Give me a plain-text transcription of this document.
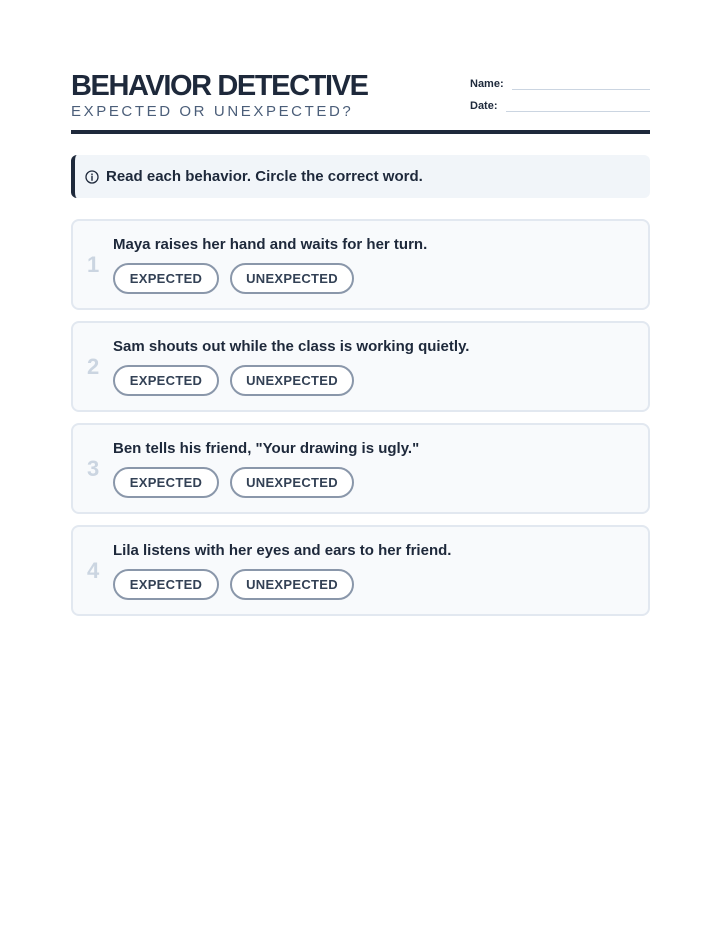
BEHAVIOR DETECTIVE
EXPECTED OR UNEXPECTED?
Name:
Date:
Read each behavior. Circle the correct word.
1
Maya raises her hand and waits for her turn.
EXPECTED	UNEXPECTED
2
Sam shouts out while the class is working quietly.
EXPECTED	UNEXPECTED
3
Ben tells his friend, "Your drawing is ugly."
EXPECTED	UNEXPECTED
4
Lila listens with her eyes and ears to her friend.
EXPECTED	UNEXPECTED
